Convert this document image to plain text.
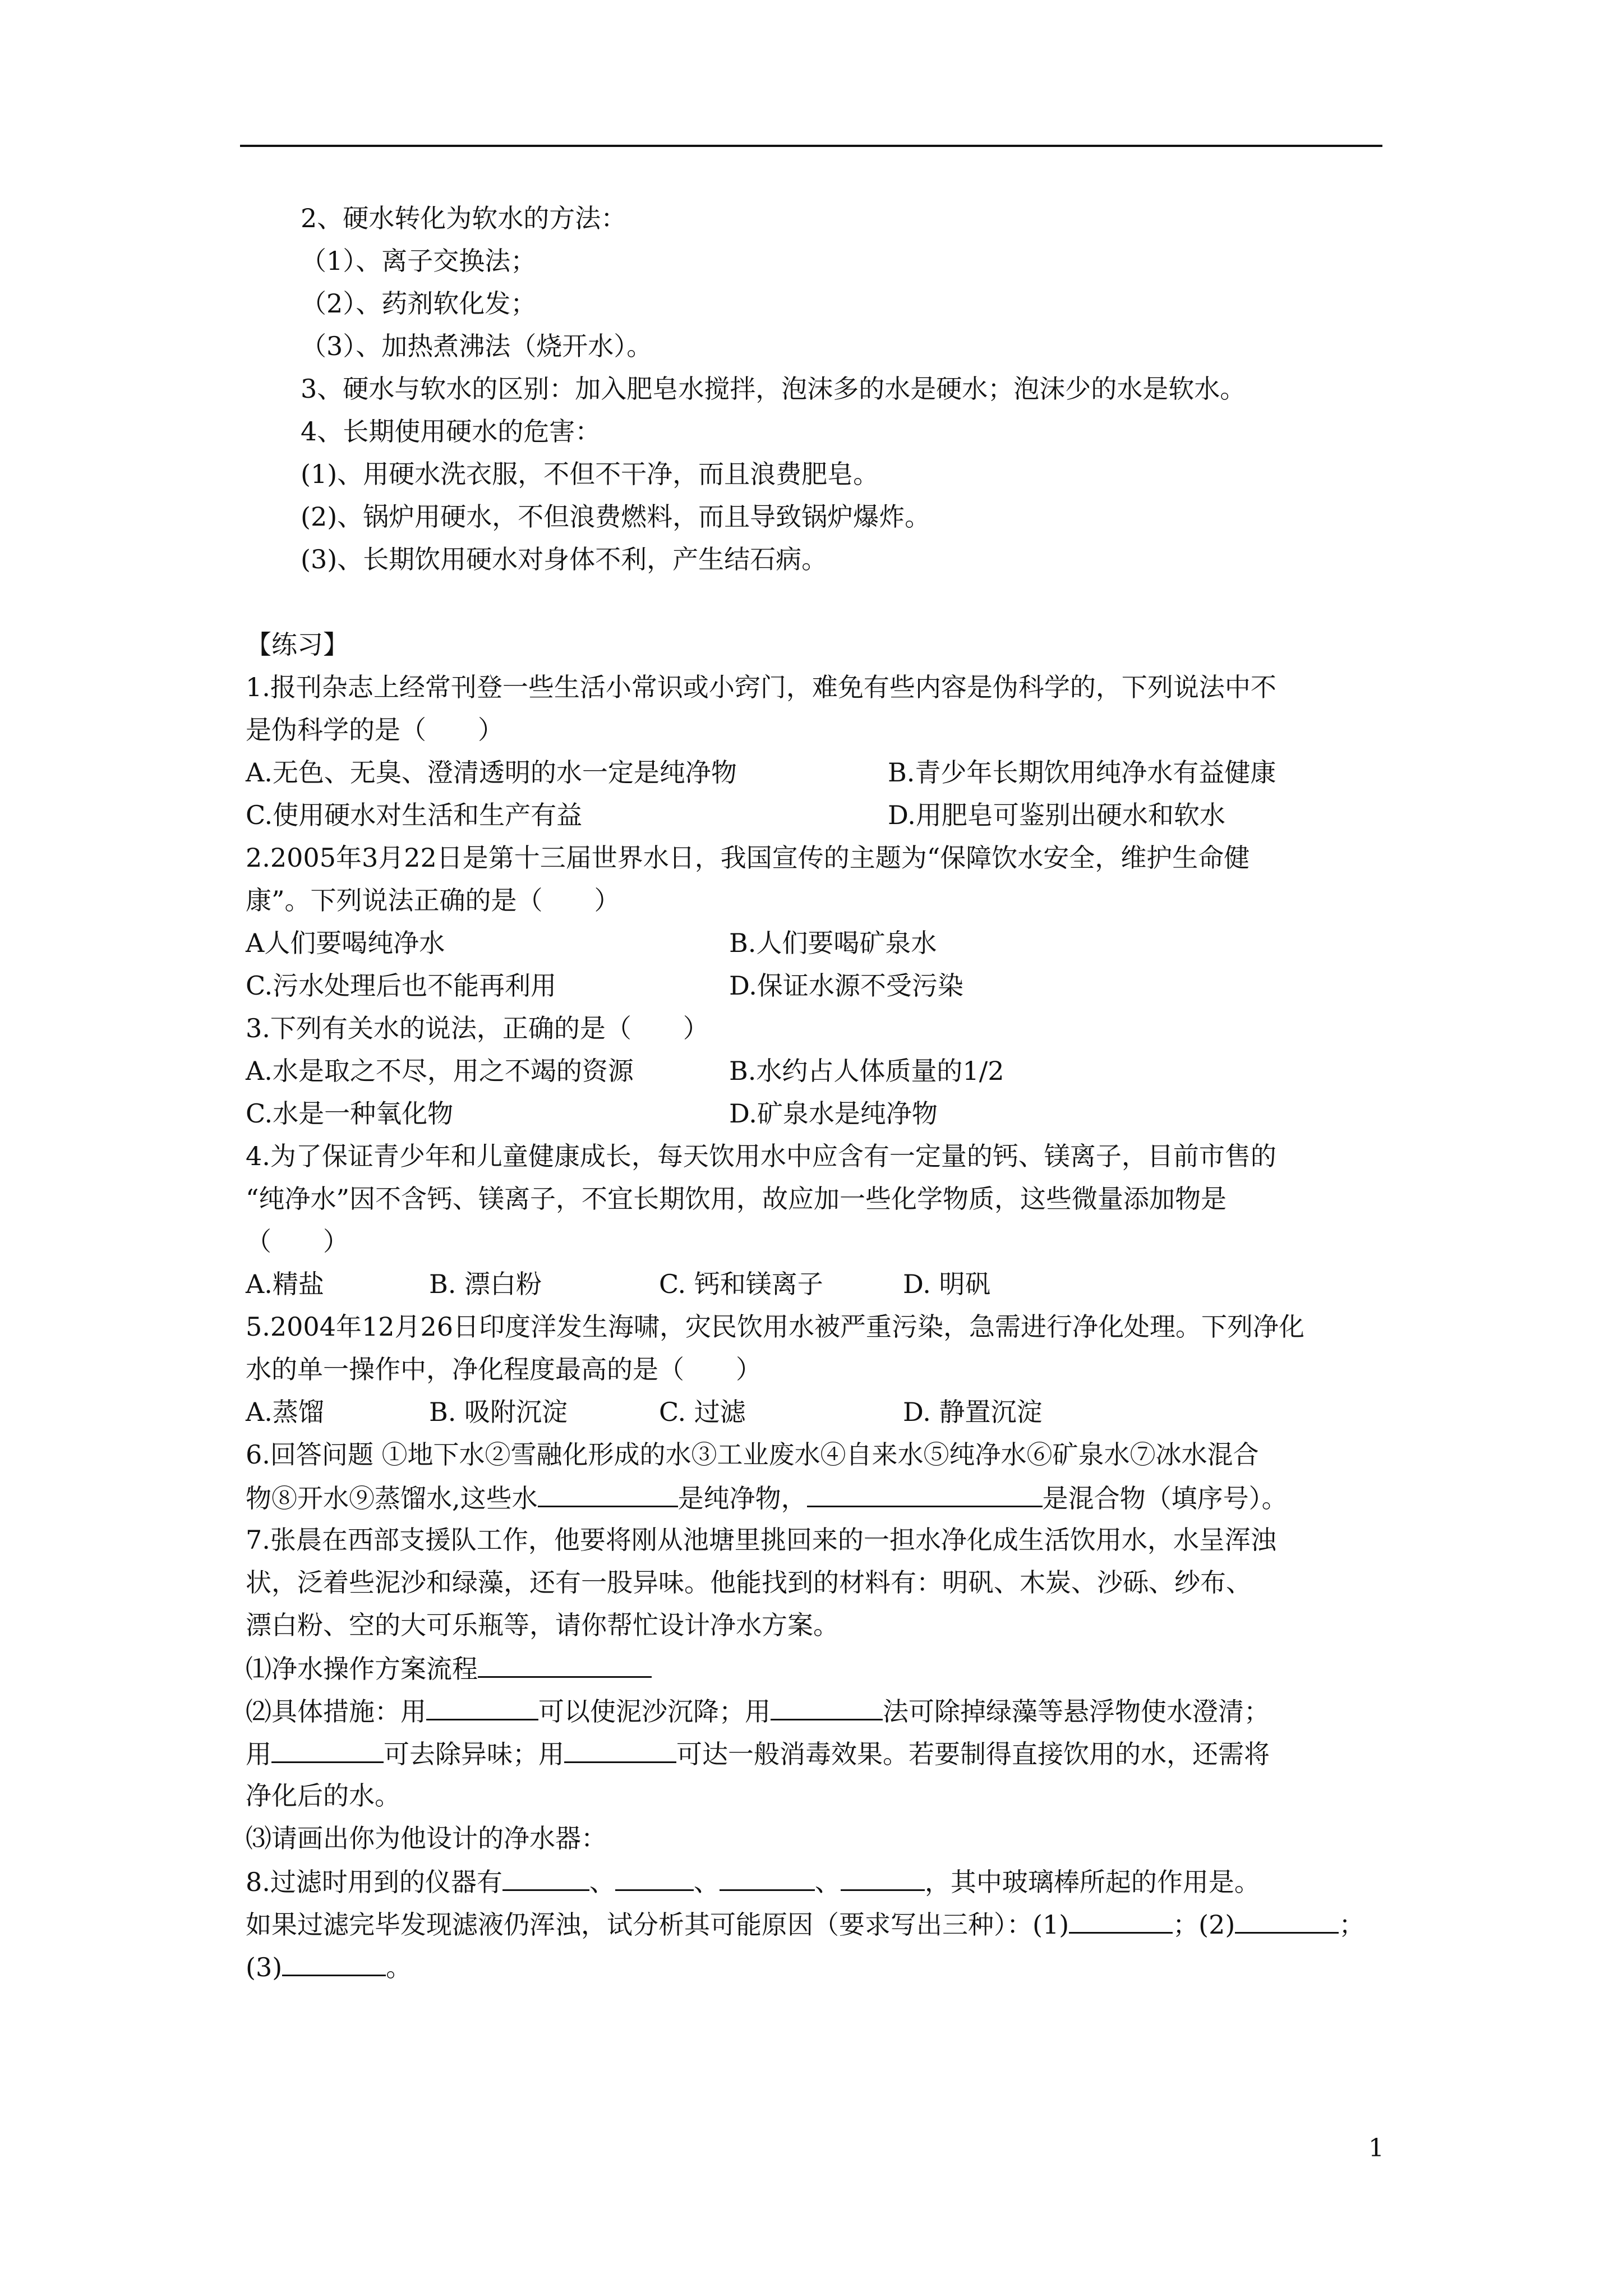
2、硬水转化为软水的方法：
（1）、离子交换法；
（2）、药剂软化发；
（3）、加热煮沸法（烧开水）。
3、硬水与软水的区别：加入肥皂水搅拌，泡沫多的水是硬水；泡沫少的水是软水。
4、长期使用硬水的危害：
(1)、用硬水洗衣服，不但不干净，而且浪费肥皂。
(2)、锅炉用硬水，不但浪费燃料，而且导致锅炉爆炸。
(3)、长期饮用硬水对身体不利，产生结石病。
【练习】
1.报刊杂志上经常刊登一些生活小常识或小窍门，难免有些内容是伪科学的，下列说法中不
是伪科学的是（　　）
A.无色、无臭、澄清透明的水一定是纯净物	B.青少年长期饮用纯净水有益健康
C.使用硬水对生活和生产有益	D.用肥皂可鉴别出硬水和软水
2.2005年3月22日是第十三届世界水日，我国宣传的主题为“保障饮水安全，维护生命健
康”。下列说法正确的是（　　）
A人们要喝纯净水	B.人们要喝矿泉水
C.污水处理后也不能再利用	D.保证水源不受污染
3.下列有关水的说法，正确的是（　　）
A.水是取之不尽，用之不竭的资源	B.水约占人体质量的1/2
C.水是一种氧化物	D.矿泉水是纯净物
4.为了保证青少年和儿童健康成长，每天饮用水中应含有一定量的钙、镁离子，目前市售的
“纯净水”因不含钙、镁离子，不宜长期饮用，故应加一些化学物质，这些微量添加物是
（　　）
A.精盐	B. 漂白粉	C. 钙和镁离子	D. 明矾
5.2004年12月26日印度洋发生海啸，灾民饮用水被严重污染，急需进行净化处理。下列净化
水的单一操作中，净化程度最高的是（　　）
A.蒸馏	B. 吸附沉淀	C. 过滤	D. 静置沉淀
6.回答问题 ①地下水②雪融化形成的水③工业废水④自来水⑤纯净水⑥矿泉水⑦冰水混合
物⑧开水⑨蒸馏水,这些水	是纯净物，	是混合物（填序号）。
7.张晨在西部支援队工作，他要将刚从池塘里挑回来的一担水净化成生活饮用水，水呈浑浊
状，泛着些泥沙和绿藻，还有一股异味。他能找到的材料有：明矾、木炭、沙砾、纱布、
漂白粉、空的大可乐瓶等，请你帮忙设计净水方案。
⑴净水操作方案流程
⑵具体措施：用	可以使泥沙沉降；用	法可除掉绿藻等悬浮物使水澄清；
用	可去除异味；用	可达一般消毒效果。若要制得直接饮用的水，还需将
净化后的水。
⑶请画出你为他设计的净水器：
8.过滤时用到的仪器有	、	、	、	，其中玻璃棒所起的作用是。
如果过滤完毕发现滤液仍浑浊，试分析其可能原因（要求写出三种）：(1)	；(2)	；
(3)	。
1
